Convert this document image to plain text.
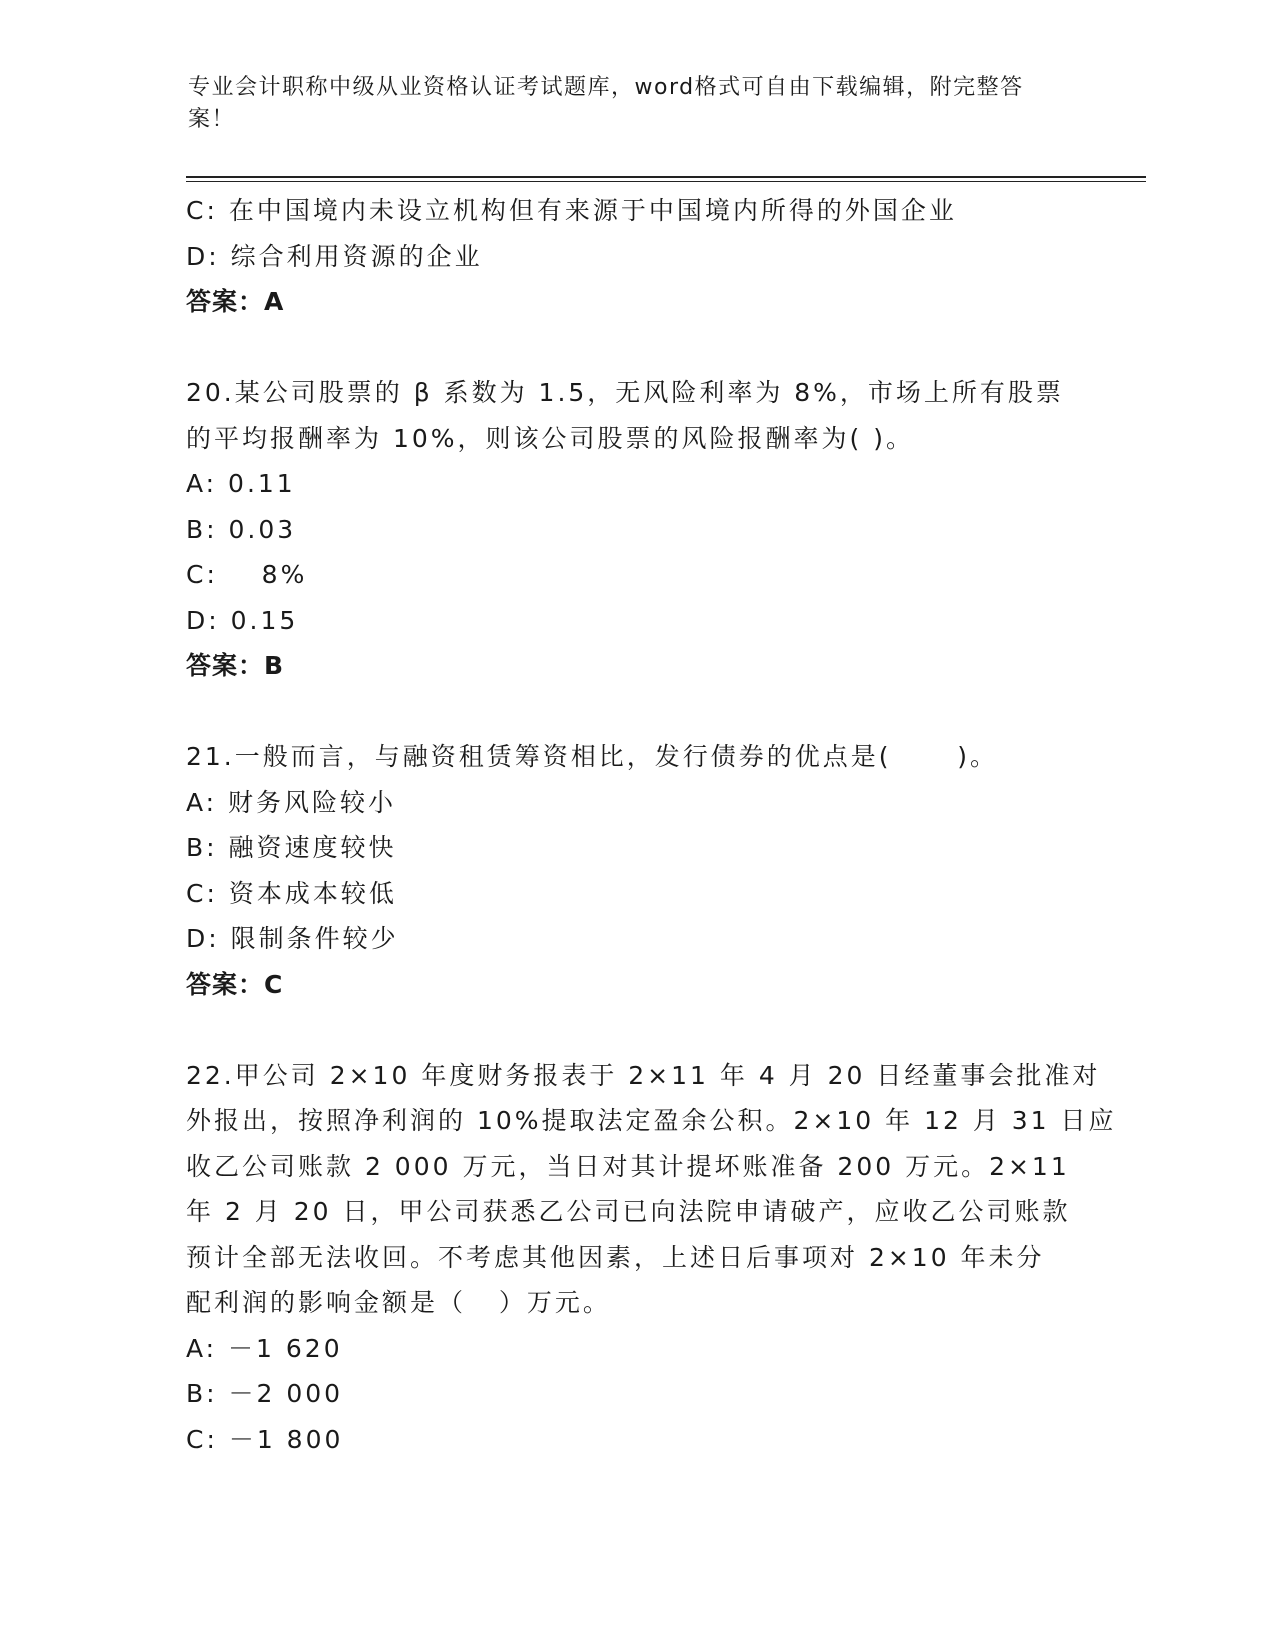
专业会计职称中级从业资格认证考试题库，word格式可自由下载编辑，附完整答
案！
C: 在中国境内未设立机构但有来源于中国境内所得的外国企业
D: 综合利用资源的企业
答案：A
20.某公司股票的 β 系数为 1.5，无风险利率为 8%，市场上所有股票
的平均报酬率为 10%，则该公司股票的风险报酬率为( )。
A: 0.11
B: 0.03
C:    8%
D: 0.15
答案：B
21.一般而言，与融资租赁筹资相比，发行债券的优点是(      )。
A: 财务风险较小
B: 融资速度较快
C: 资本成本较低
D: 限制条件较少
答案：C
22.甲公司 2×10 年度财务报表于 2×11 年 4 月 20 日经董事会批准对
外报出，按照净利润的 10%提取法定盈余公积。2×10 年 12 月 31 日应
收乙公司账款 2 000 万元，当日对其计提坏账准备 200 万元。2×11
年 2 月 20 日，甲公司获悉乙公司已向法院申请破产，应收乙公司账款
预计全部无法收回。不考虑其他因素，上述日后事项对 2×10 年未分
配利润的影响金额是（   ）万元。
A: －1 620
B: －2 000
C: －1 800
